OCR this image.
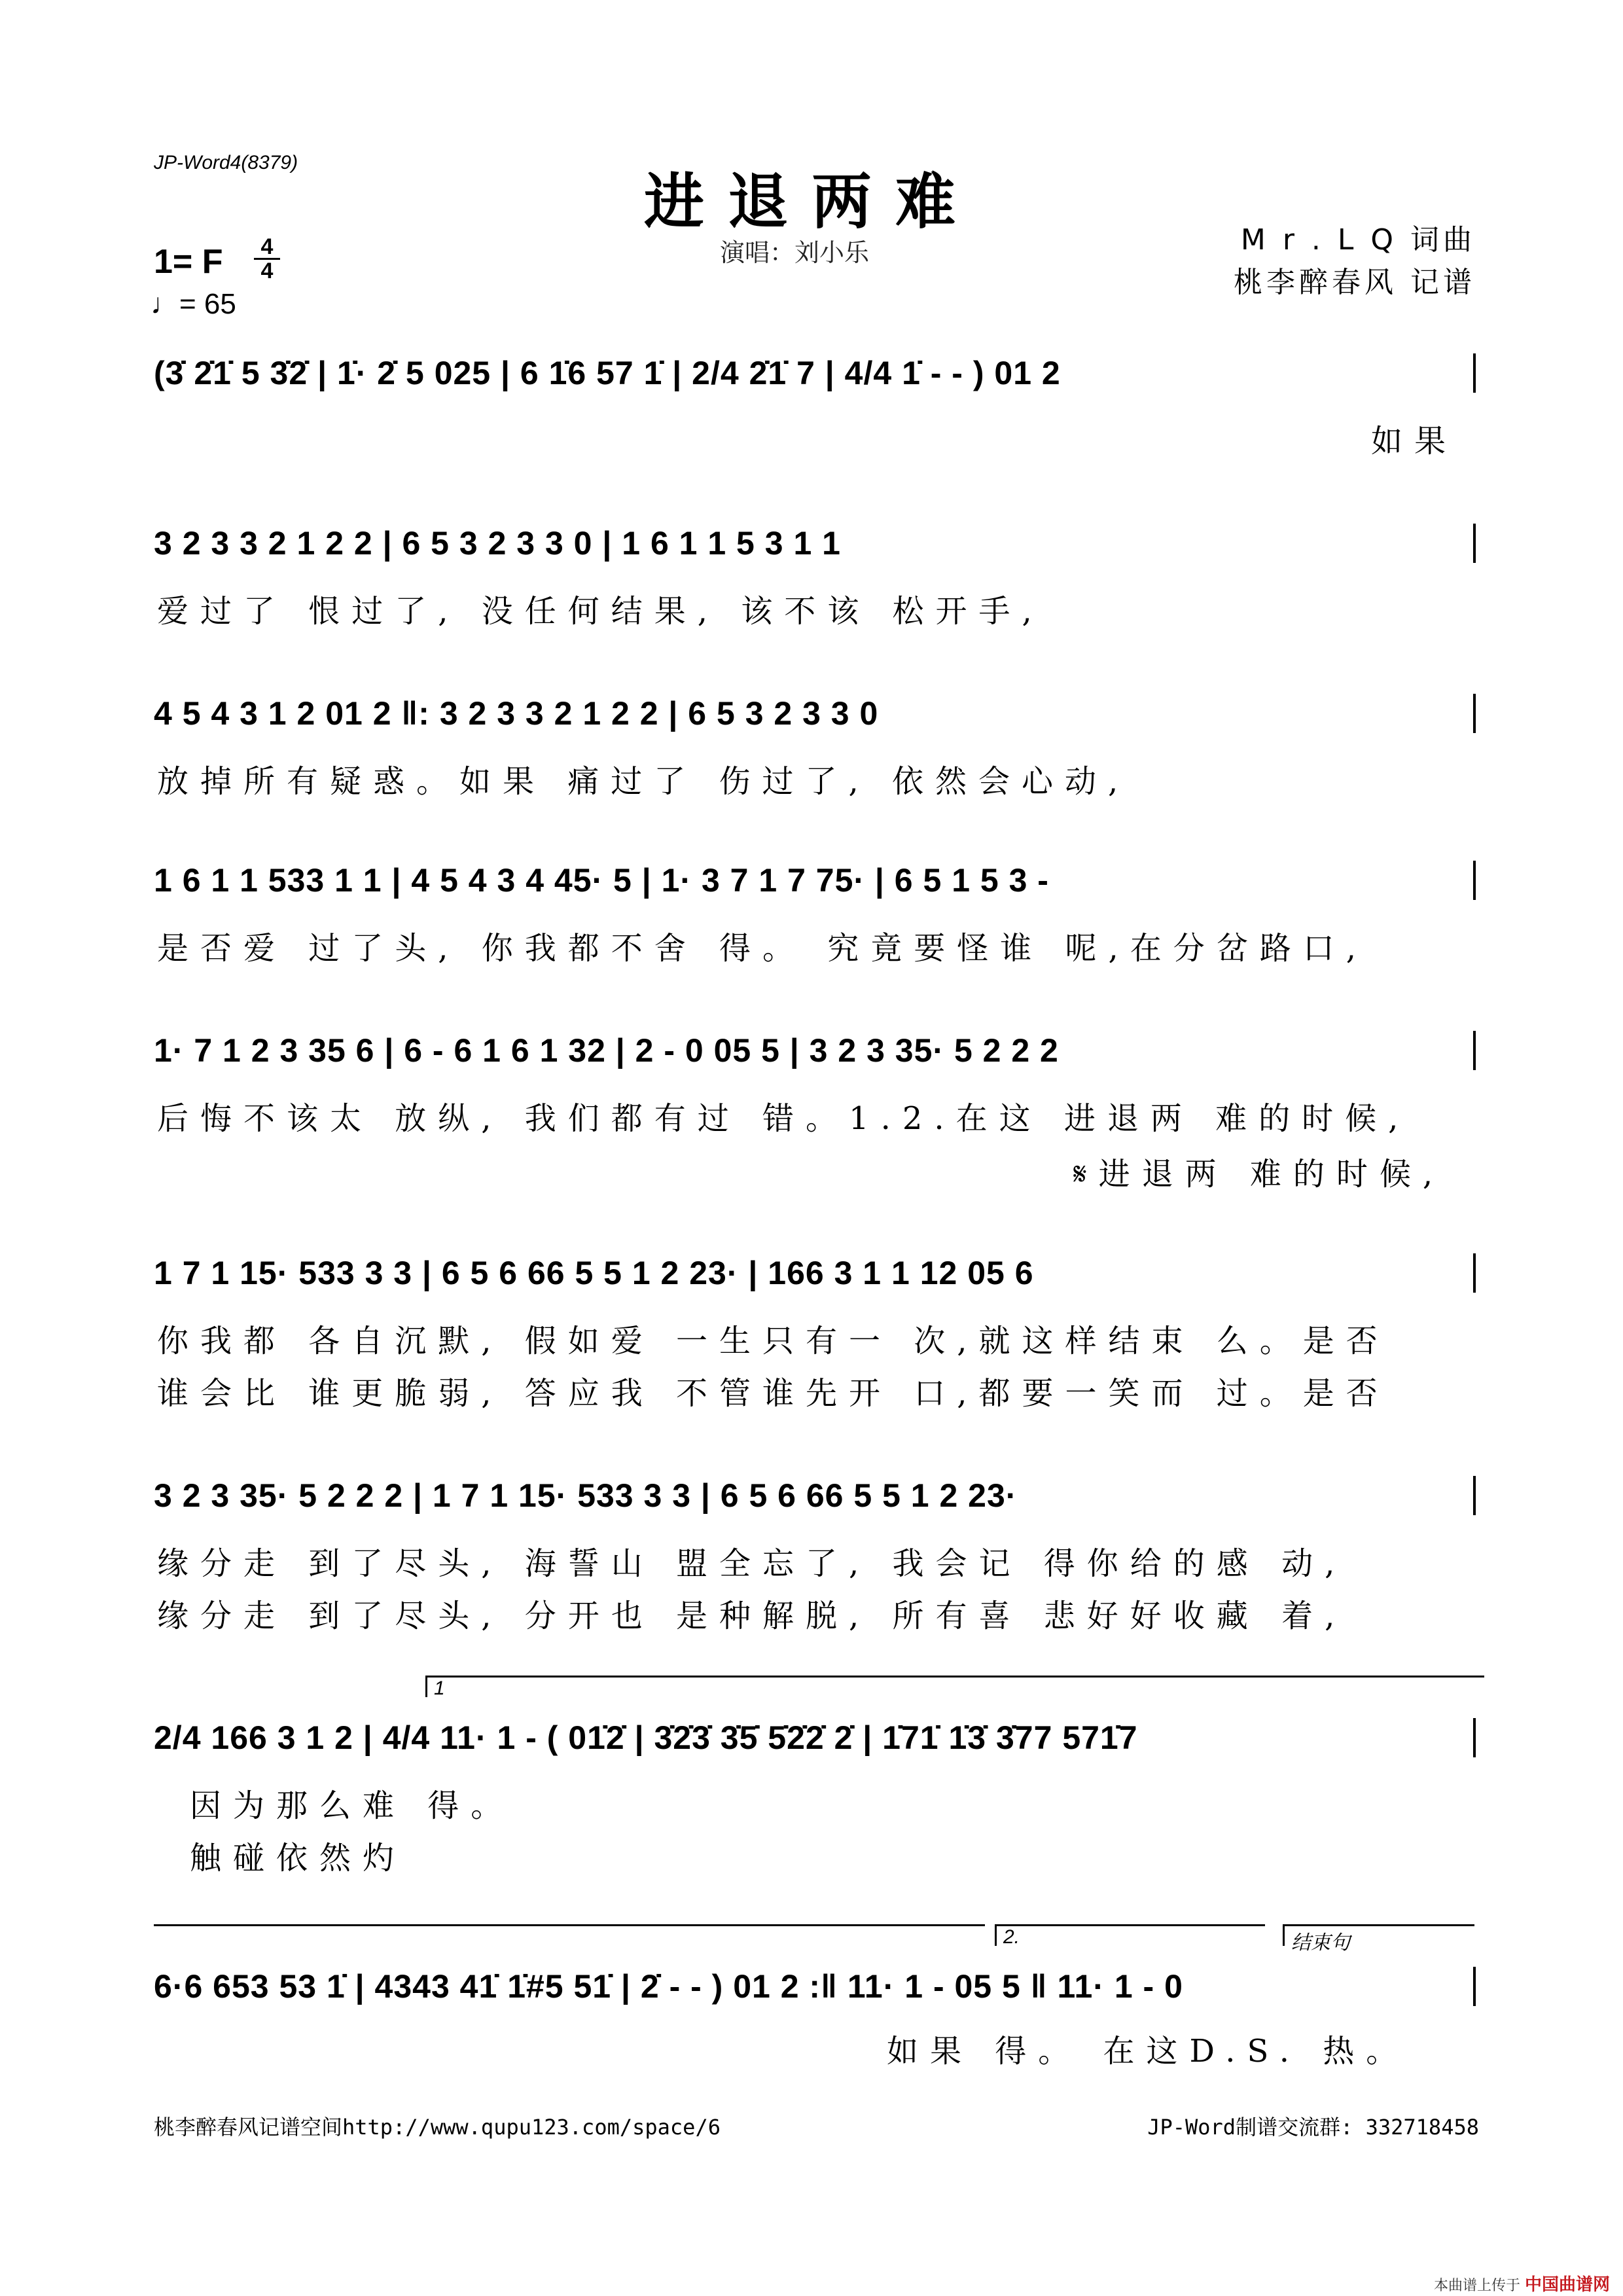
JP-Word4(8379)
进退两难
演唱：刘小乐	M r . L Q 词曲
桃李醉春风 记谱
1= F $\frac{4}{4}$
♩= 65
(3̇ 2̇1̇ 5 3̇2̇ | 1̇· 2̇ 5 025 | 6 1̇6 57 1̇ | 2/4 2̇1̇ 7 | 4/4 1̇ - - ) 01 2
如果
3 2 3 3 2 1 2 2 | 6 5 3 2 3 3 0 | 1 6 1 1 5 3 1 1
爱过了 恨过了, 没任何结果, 该不该 松开手,
4 5 4 3 1 2 01 2 ‖: 3 2 3 3 2 1 2 2 | 6 5 3 2 3 3 0
放掉所有疑惑。如果 痛过了 伤过了, 依然会心动,
1 6 1 1 533 1 1 | 4 5 4 3 4 45· 5 | 1· 3 7 1 7 75· | 6 5 1 5 3 -
是否爱 过了头, 你我都不舍 得。 究竟要怪谁 呢,在分岔路口,
1· 7 1 2 3 35 6 | 6 - 6 1 6 1 32 | 2 - 0 05 5 | 3 2 3 35· 5 2 2 2
后悔不该太 放纵, 我们都有过 错。1.2.在这 进退两 难的时候,
𝄋进退两 难的时候,
1 7 1 15· 533 3 3 | 6 5 6 66 5 5 1 2 23· | 166 3 1 1 12 05 6
你我都 各自沉默, 假如爱 一生只有一 次,就这样结束 么。是否
谁会比 谁更脆弱, 答应我 不管谁先开 口,都要一笑而 过。是否
3 2 3 35· 5 2 2 2 | 1 7 1 15· 533 3 3 | 6 5 6 66 5 5 1 2 23·
缘分走 到了尽头, 海誓山 盟全忘了, 我会记 得你给的感 动,
缘分走 到了尽头, 分开也 是种解脱, 所有喜 悲好好收藏 着,
1
2/4 166 3 1 2 | 4/4 11· 1 - ( 01̇2̇ | 3̇2̇3̇ 3̇5̇ 5̇2̇2̇ 2̇ | 1̇71̇ 1̇3̇ 3̇77 571̇7
因为那么难 得。
触碰依然灼
2.	结束句
6·6 653 53 1̇ | 4343 41̇ 1̇#5 51̇ | 2̇ - - ) 01 2 :‖ 11· 1 - 05 5 ‖ 11· 1 - 0
如果 得。 在这D.S. 热。
桃李醉春风记谱空间http://www.qupu123.com/space/6	JP-Word制谱交流群: 332718458
本曲谱上传于 中国曲谱网
